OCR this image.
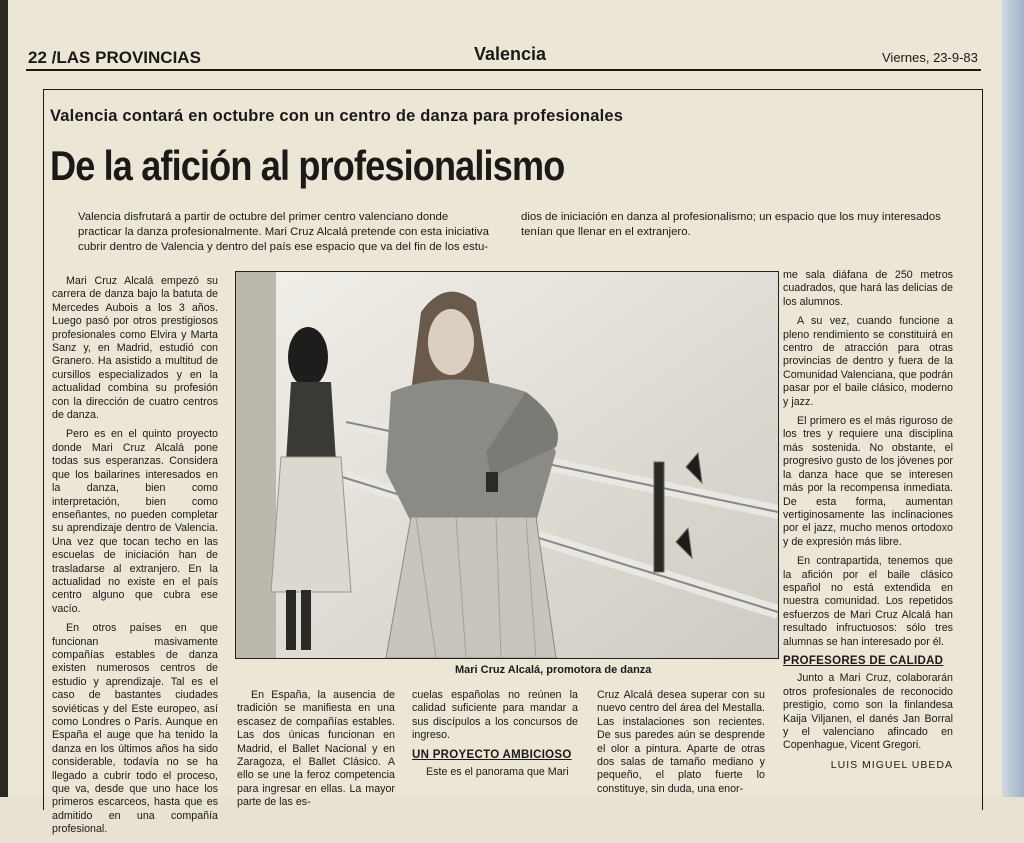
22 /LAS PROVINCIAS	Valencia	Viernes, 23-9-83
Valencia contará en octubre con un centro de danza para profesionales
De la afición al profesionalismo
Valencia disfrutará a partir de octubre del primer centro valenciano donde practicar la danza profesionalmente. Mari Cruz Alcalá pretende con esta iniciativa cubrir dentro de Valencia y dentro del país ese espacio que va del fin de los estu-
dios de iniciación en danza al profesionalismo; un espacio que los muy interesados tenían que llenar en el extranjero.

Mari Cruz Alcalá empezó su carrera de danza bajo la batuta de Mercedes Aubois a los 3 años. Luego pasó por otros prestigiosos profesionales como Elvira y Marta Sanz y, en Madrid, estudió con Granero. Ha asistido a multitud de cursillos especializados y en la actualidad combina su profesión con la dirección de cuatro centros de danza.

Pero es en el quinto proyecto donde Mari Cruz Alcalá pone todas sus esperanzas. Considera que los bailarines interesados en la danza, bien como interpretación, bien como enseñantes, no pueden completar su aprendizaje dentro de Valencia. Una vez que tocan techo en las escuelas de iniciación han de trasladarse al extranjero. En la actualidad no existe en el país centro alguno que cubra ese vacío.

En otros países en que funcionan masivamente compañías estables de danza existen numerosos centros de estudio y aprendizaje. Tal es el caso de bastantes ciudades soviéticas y del Este europeo, así como Londres o París. Aunque en España el auge que ha tenido la danza en los últimos años ha sido considerable, todavía no se ha llegado a cubrir todo el proceso, que va, desde que uno hace los primeros escarceos, hasta que es admitido en una compañía profesional.

Mari Cruz Alcalá, promotora de danza

En España, la ausencia de tradición se manifiesta en una escasez de compañías estables. Las dos únicas funcionan en Madrid, el Ballet Nacional y en Zaragoza, el Ballet Clásico. A ello se une la feroz competencia para ingresar en ellas. La mayor parte de las es-

cuelas españolas no reúnen la calidad suficiente para mandar a sus discípulos a los concursos de ingreso.

UN PROYECTO AMBICIOSO

Este es el panorama que Mari

Cruz Alcalá desea superar con su nuevo centro del área del Mestalla. Las instalaciones son recientes. De sus paredes aún se desprende el olor a pintura. Aparte de otras dos salas de tamaño mediano y pequeño, el plato fuerte lo constituye, sin duda, una enor-

me sala diáfana de 250 metros cuadrados, que hará las delicias de los alumnos.

A su vez, cuando funcione a pleno rendimiento se constituirá en centro de atracción para otras provincias de dentro y fuera de la Comunidad Valenciana, que podrán pasar por el baile clásico, moderno y jazz.

El primero es el más riguroso de los tres y requiere una disciplina más sostenida. No obstante, el progresivo gusto de los jóvenes por la danza hace que se interesen más por la recompensa inmediata. De esta forma, aumentan vertiginosamente las inclinaciones por el jazz, mucho menos ortodoxo y de expresión más libre.

En contrapartida, tenemos que la afición por el baile clásico español no está extendida en nuestra comunidad. Los repetidos esfuerzos de Mari Cruz Alcalá han resultado infructuosos: sólo tres alumnas se han interesado por él.

PROFESORES DE CALIDAD

Junto a Mari Cruz, colaborarán otros profesionales de reconocido prestigio, como son la finlandesa Kaija Viljanen, el danés Jan Borral y el valenciano afincado en Copenhague, Vicent Gregori.

LUIS MIGUEL UBEDA
